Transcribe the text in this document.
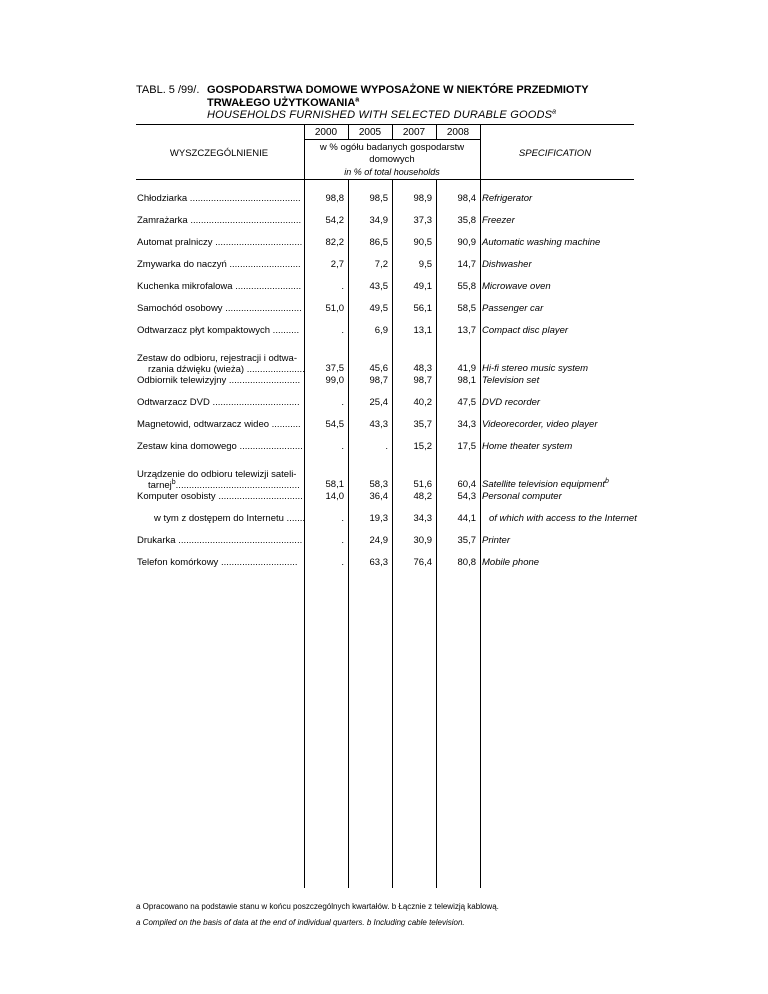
TABL. 5 /99/. GOSPODARSTWA DOMOWE WYPOSAŻONE W NIEKTÓRE PRZEDMIOTY
TRWAŁEGO UŻYTKOWANIA$^a$
HOUSEHOLDS FURNISHED WITH SELECTED DURABLE GOODS$^a$
2000	2005	2007	2008
WYSZCZEGÓLNIENIE	SPECIFICATION
w % ogółu badanych gospodarstw domowych
in % of total households
Chłodziarka ..........................................	98,8	98,5	98,9	98,4 Refrigerator
Zamrażarka ..........................................	54,2	34,9	37,3	35,8 Freezer
Automat pralniczy .................................	82,2	86,5	90,5	90,9 Automatic washing machine
Zmywarka do naczyń ...........................	2,7	7,2	9,5	14,7 Dishwasher
Kuchenka mikrofalowa .........................	.	43,5	49,1	55,8 Microwave oven
Samochód osobowy .............................	51,0	49,5	56,1	58,5 Passenger car
Odtwarzacz płyt kompaktowych ..........	.	6,9	13,1	13,7 Compact disc player
Zestaw do odbioru, rejestracji i odtwa-
rzania dźwięku (wieża) ......................	37,5	45,6	48,3	41,9 Hi-fi stereo music system
Odbiornik telewizyjny ...........................	99,0	98,7	98,7	98,1 Television set
Odtwarzacz DVD .................................	.	25,4	40,2	47,5 DVD recorder
Magnetowid, odtwarzacz wideo ...........	54,5	43,3	35,7	34,3 Videorecorder, video player
Zestaw kina domowego ........................	.	.	15,2	17,5 Home theater system
Urządzenie do odbioru telewizji sateli-
tarnej$^b$...............................................	58,1	58,3	51,6	60,4 Satellite television equipment$^b$
Komputer osobisty ................................	14,0	36,4	48,2	54,3 Personal computer
w tym z dostępem do Internetu .......	.	19,3	34,3	44,1 of which with access to the Internet
Drukarka ...............................................	.	24,9	30,9	35,7 Printer
Telefon komórkowy .............................	.	63,3	76,4	80,8 Mobile phone
a Opracowano na podstawie stanu w końcu poszczególnych kwartałów. b Łącznie z telewizją kablową.
a Compiled on the basis of data at the end of individual quarters. b Including cable television.
